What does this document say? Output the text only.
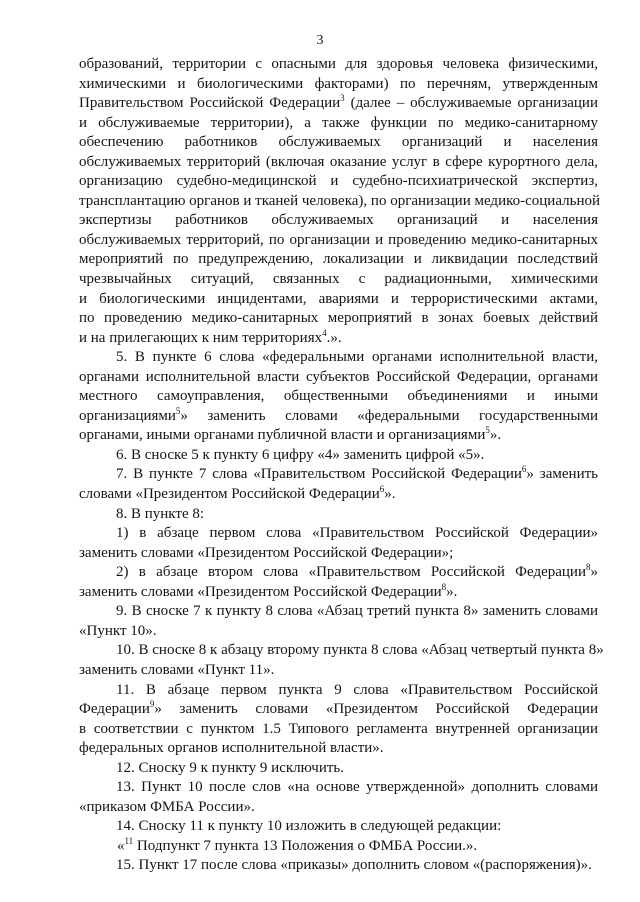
3
образований, территории с опасными для здоровья человека физическими,
химическими и биологическими факторами) по перечням, утвержденным
Правительством Российской Федерации$^3$ (далее – обслуживаемые организации
и обслуживаемые территории), а также функции по медико-санитарному
обеспечению работников обслуживаемых организаций и населения
обслуживаемых территорий (включая оказание услуг в сфере курортного дела,
организацию судебно-медицинской и судебно-психиатрической экспертиз,
трансплантацию органов и тканей человека), по организации медико-социальной
экспертизы работников обслуживаемых организаций и населения
обслуживаемых территорий, по организации и проведению медико-санитарных
мероприятий по предупреждению, локализации и ликвидации последствий
чрезвычайных ситуаций, связанных с радиационными, химическими
и биологическими инцидентами, авариями и террористическими актами,
по проведению медико-санитарных мероприятий в зонах боевых действий
и на прилегающих к ним территориях$^4$.».
5. В пункте 6 слова «федеральными органами исполнительной власти,
органами исполнительной власти субъектов Российской Федерации, органами
местного самоуправления, общественными объединениями и иными
организациями$^5$» заменить словами «федеральными государственными
органами, иными органами публичной власти и организациями$^5$».
6. В сноске 5 к пункту 6 цифру «4» заменить цифрой «5».
7. В пункте 7 слова «Правительством Российской Федерации$^6$» заменить
словами «Президентом Российской Федерации$^6$».
8. В пункте 8:
1) в абзаце первом слова «Правительством Российской Федерации»
заменить словами «Президентом Российской Федерации»;
2) в абзаце втором слова «Правительством Российской Федерации$^8$»
заменить словами «Президентом Российской Федерации$^8$».
9. В сноске 7 к пункту 8 слова «Абзац третий пункта 8» заменить словами
«Пункт 10».
10. В сноске 8 к абзацу второму пункта 8 слова «Абзац четвертый пункта 8»
заменить словами «Пункт 11».
11. В абзаце первом пункта 9 слова «Правительством Российской
Федерации$^9$» заменить словами «Президентом Российской Федерации
в соответствии с пунктом 1.5 Типового регламента внутренней организации
федеральных органов исполнительной власти».
12. Сноску 9 к пункту 9 исключить.
13. Пункт 10 после слов «на основе утвержденной» дополнить словами
«приказом ФМБА России».
14. Сноску 11 к пункту 10 изложить в следующей редакции:
«$^{11}$ Подпункт 7 пункта 13 Положения о ФМБА России.».
15. Пункт 17 после слова «приказы» дополнить словом «(распоряжения)».
